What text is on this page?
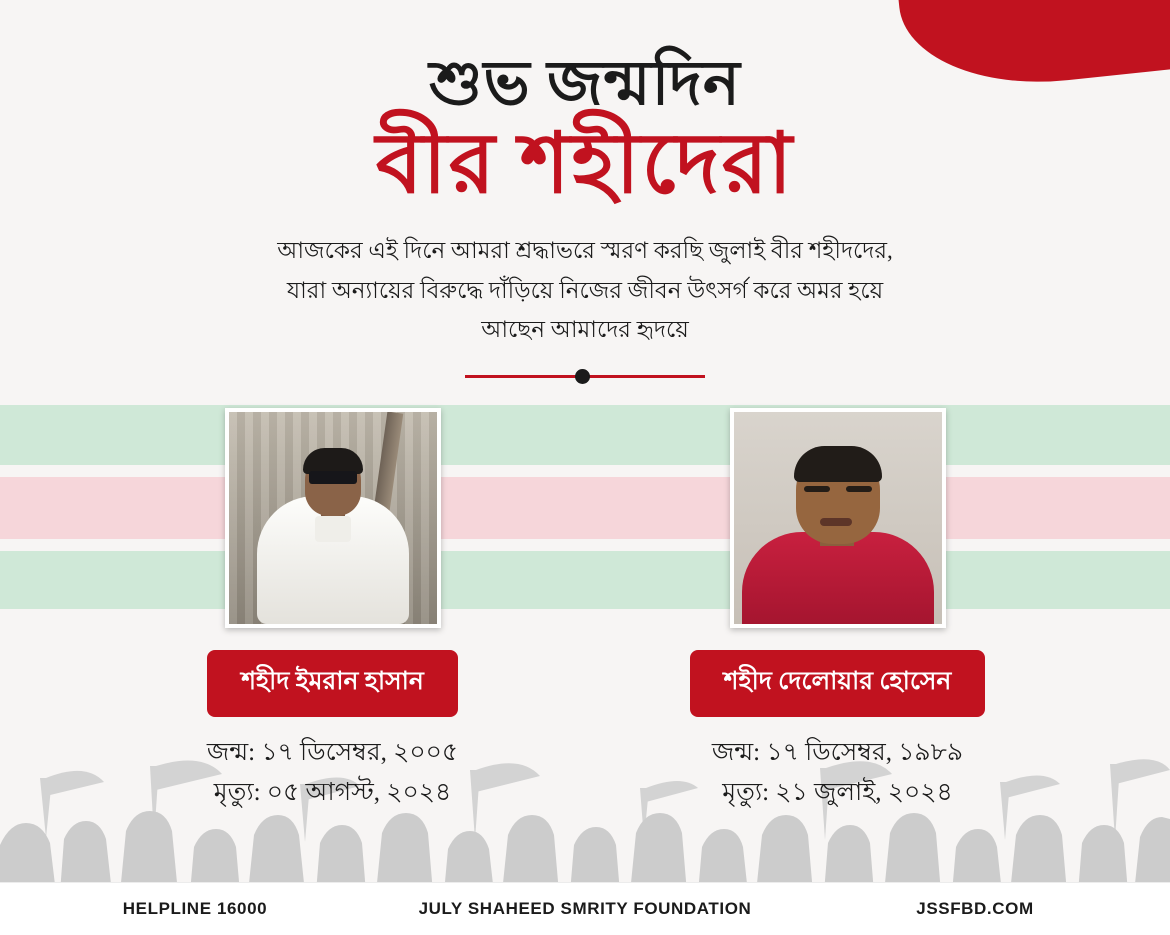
শুভ জন্মদিন
বীর শহীদেরা
আজকের এই দিনে আমরা শ্রদ্ধাভরে স্মরণ করছি জুলাই বীর শহীদদের, যারা অন্যায়ের বিরুদ্ধে দাঁড়িয়ে নিজের জীবন উৎসর্গ করে অমর হয়ে আছেন আমাদের হৃদয়ে
শহীদ ইমরান হাসান
জন্ম: ১৭ ডিসেম্বর, ২০০৫
মৃত্যু: ০৫ আগস্ট, ২০২৪
শহীদ দেলোয়ার হোসেন
জন্ম: ১৭ ডিসেম্বর, ১৯৮৯
মৃত্যু: ২১ জুলাই, ২০২৪
HELPLINE 16000	JULY SHAHEED SMRITY FOUNDATION	JSSFBD.COM
